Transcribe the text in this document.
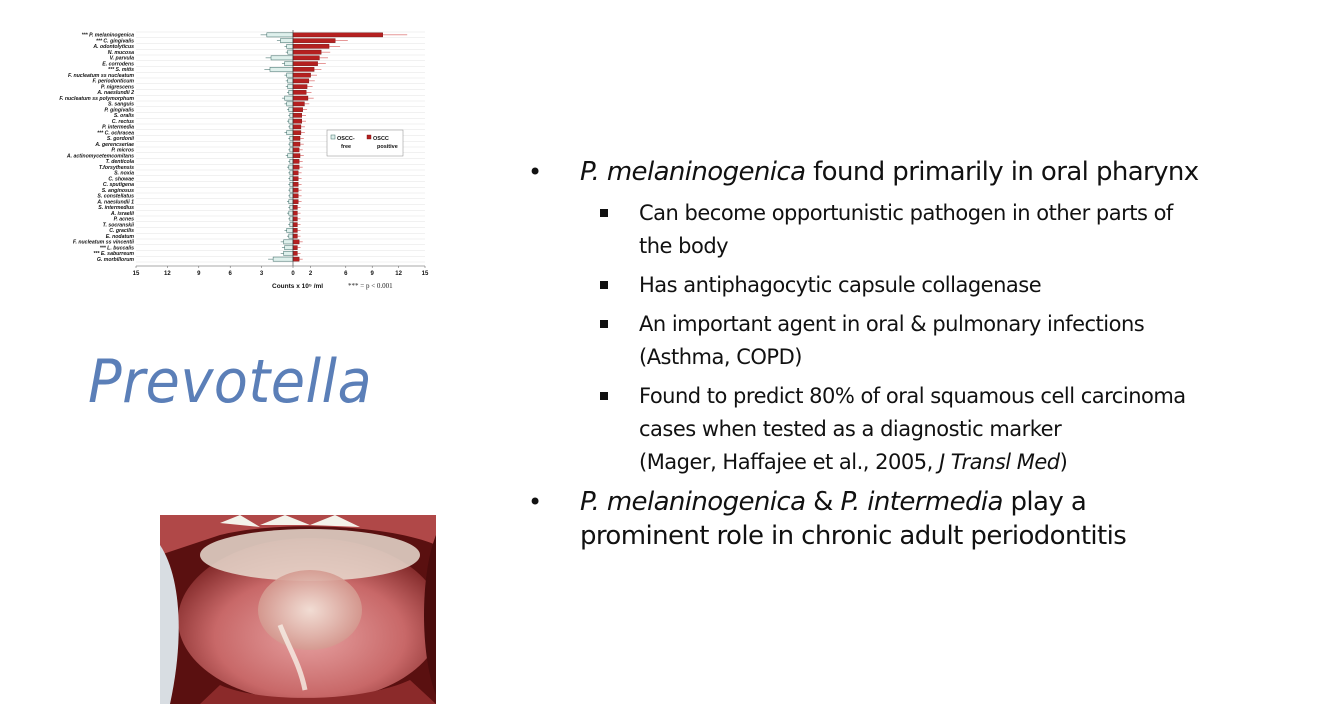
*** P. melaninogenica
*** C. gingivalis
A. odontolyticus
N. mucosa
V. parvula
E. corrodens
*** S. mitis
F. nucleatum ss nucleatum
F. periodonticum
P. nigrescens
A. naeslundii 2
F. nucleatum ss polymorphum
S. sanguis
P. gingivalis
S. oralis
C. rectus
P. intermedia
*** C. ochracea
S. gordonii
A. gerencseriae
P. micros
A. actinomycetemcomitans
T. denticola
T.forsythensis
S. noxia
C. showae
C. sputigena
S. anginosus
S. constellatus
A. naeslundii 1
S. intermedius
A. israelii
P. acnes
T. socranskii
C. gracilis
E. nodatum
F. nucleatum ss vincentii
*** L. buccalis
*** E. saburreum
G. morbillorum
15	12	9	6	3	0 2	6	9	12	15
Counts x 10⁵ /ml	*** = p < 0.001
OSCC-
free
OSCC
positive
Prevotella
• P. melaninogenica found primarily in oral pharynx
Can become opportunistic pathogen in other parts of
the body
Has antiphagocytic capsule collagenase
An important agent in oral & pulmonary infections
(Asthma, COPD)
Found to predict 80% of oral squamous cell carcinoma
cases when tested as a diagnostic marker
(Mager, Haffajee et al., 2005, J Transl Med)
• P. melaninogenica & P. intermedia play a
prominent role in chronic adult periodontitis
